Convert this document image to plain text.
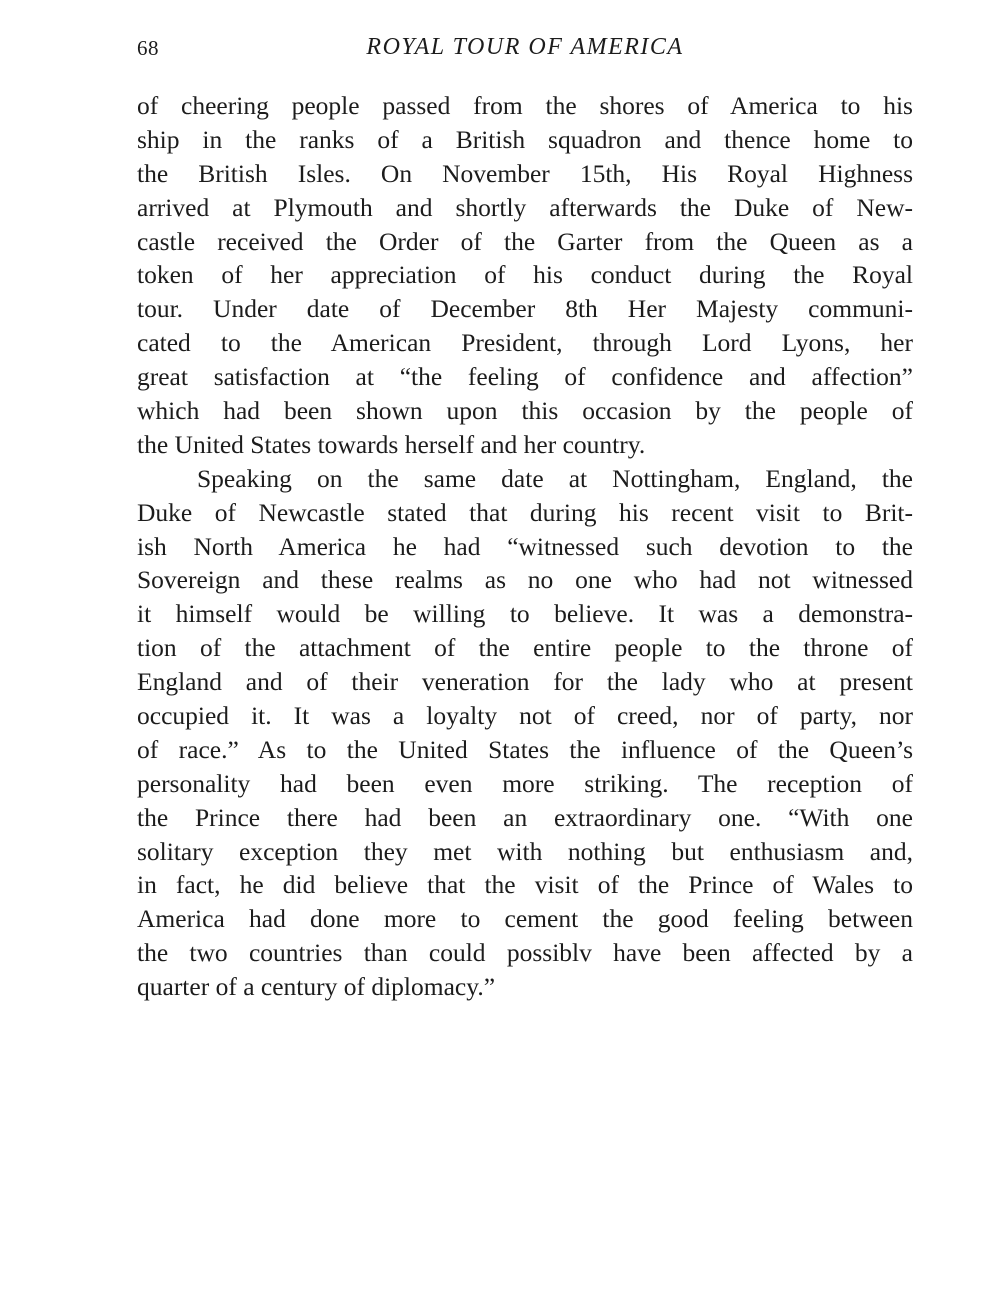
68	ROYAL TOUR OF AMERICA
of cheering people passed from the shores of America to his
ship in the ranks of a British squadron and thence home to
the British Isles. On November 15th, His Royal Highness
arrived at Plymouth and shortly afterwards the Duke of New-
castle received the Order of the Garter from the Queen as a
token of her appreciation of his conduct during the Royal
tour. Under date of December 8th Her Majesty communi-
cated to the American President, through Lord Lyons, her
great satisfaction at “the feeling of confidence and affection”
which had been shown upon this occasion by the people of
the United States towards herself and her country.
Speaking on the same date at Nottingham, England, the
Duke of Newcastle stated that during his recent visit to Brit-
ish North America he had “witnessed such devotion to the
Sovereign and these realms as no one who had not witnessed
it himself would be willing to believe. It was a demonstra-
tion of the attachment of the entire people to the throne of
England and of their veneration for the lady who at present
occupied it. It was a loyalty not of creed, nor of party, nor
of race.” As to the United States the influence of the Queen’s
personality had been even more striking. The reception of
the Prince there had been an extraordinary one. “With one
solitary exception they met with nothing but enthusiasm and,
in fact, he did believe that the visit of the Prince of Wales to
America had done more to cement the good feeling between
the two countries than could possiblv have been affected by a
quarter of a century of diplomacy.”
